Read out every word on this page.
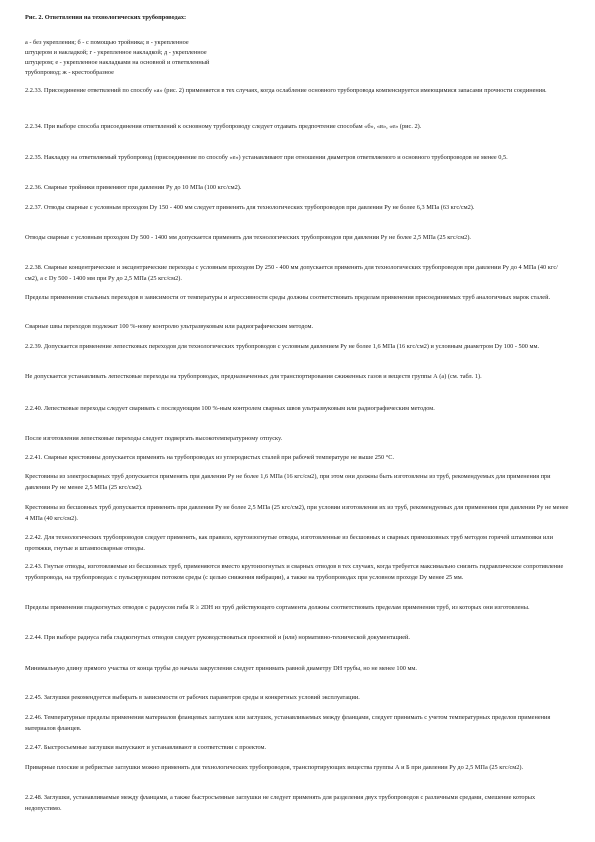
Рис. 2. Ответвления на технологических трубопроводах:

а - без укрепления; б - с помощью тройника; в - укрепленное

штуцером и накладкой; г - укрепленное накладкой; д - укрепленное

штуцером; е - укрепленное накладками на основной и ответвленный

трубопровод; ж - крестообразное

2.2.33. Присоединение ответвлений по способу «а» (рис. 2) применяется в тех случаях, когда ослабление основного трубопровода компенсируется имеющимися запасами прочности соединения.

2.2.34. При выборе способа присоединения ответвлений к основному трубопроводу следует отдавать предпочтение способам «б», «в», «е» (рис. 2).

2.2.35. Накладку на ответвляемый трубопровод (присоединение по способу «е») устанавливают при отношении диаметров ответвляемого и основного трубопроводов не менее 0,5.

2.2.36. Сварные тройники применяют при давлении Py до 10 МПа (100 кгс/см2).

2.2.37. Отводы сварные с условным проходом Dy 150 - 400 мм следует применять для технологических трубопроводов при давлении Py не более 6,3 МПа (63 кгс/см2).

Отводы сварные с условным проходом Dy 500 - 1400 мм допускается применять для технологических трубопроводов при давлении Py не более 2,5 МПа (25 кгс/см2).

2.2.38. Сварные концентрические и эксцентрические переходы с условным проходом Dy 250 - 400 мм допускается применять для технологических трубопроводов при давлении Py до 4 МПа (40 кгс/см2), а с Dy 500 - 1400 мм при Py до 2,5 МПа (25 кгс/см2).

Пределы применения стальных переходов в зависимости от температуры и агрессивности среды должны соответствовать пределам применения присоединяемых труб аналогичных марок сталей.

Сварные швы переходов подлежат 100 %-ному контролю ультразвуковым или радиографическим методом.

2.2.39. Допускается применение лепестковых переходов для технологических трубопроводов с условным давлением Py не более 1,6 МПа (16 кгс/см2) и условным диаметром Dy 100 - 500 мм.

Не допускается устанавливать лепестковые переходы на трубопроводах, предназначенных для транспортирования сжиженных газов и веществ группы А (а) (см. табл. 1).

2.2.40. Лепестковые переходы следует сваривать с последующим 100 %-ным контролем сварных швов ультразвуковым или радиографическим методом.

После изготовления лепестковые переходы следует подвергать высокотемпературному отпуску.

2.2.41. Сварные крестовины допускается применять на трубопроводах из углеродистых сталей при рабочей температуре не выше 250 °С.

Крестовины из электросварных труб допускается применять при давлении Py не более 1,6 МПа (16 кгс/см2), при этом они должны быть изготовлены из труб, рекомендуемых для применения при давлении Py не менее 2,5 МПа (25 кгс/см2).

Крестовины из бесшовных труб допускается применять при давлении Py не более 2,5 МПа (25 кгс/см2), при условии изготовления их из труб, рекомендуемых для применения при давлении Py не менее 4 МПа (40 кгс/см2).

2.2.42. Для технологических трубопроводов следует применять, как правило, крутоизогнутые отводы, изготовленные из бесшовных и сварных прямошовных труб методом горячей штамповки или протяжки, гнутые и штампосварные отводы.

2.2.43. Гнутые отводы, изготовляемые из бесшовных труб, применяются вместо крутоизогнутых и сварных отводов в тех случаях, когда требуется максимально снизить гидравлическое сопротивление трубопровода, на трубопроводах с пульсирующим потоком среды (с целью снижения вибрации), а также на трубопроводах при условном проходе Dy менее 25 мм.

Пределы применения гладкогнутых отводов с радиусом гиба R ≥ 2DН из труб действующего сортамента должны соответствовать пределам применения труб, из которых они изготовлены.

2.2.44. При выборе радиуса гиба гладкогнутых отводов следует руководствоваться проектной и (или) нормативно-технической документацией.

Минимальную длину прямого участка от конца трубы до начала закругления следует принимать равной диаметру DН трубы, но не менее 100 мм.

2.2.45. Заглушки рекомендуется выбирать в зависимости от рабочих параметров среды и конкретных условий эксплуатации.

2.2.46. Температурные пределы применения материалов фланцевых заглушек или заглушек, устанавливаемых между фланцами, следует принимать с учетом температурных пределов применения материалов фланцев.

2.2.47. Быстросъемные заглушки выпускают и устанавливают в соответствии с проектом.

Приварные плоские и ребристые заглушки можно применять для технологических трубопроводов, транспортирующих вещества группы А и Б при давлении Py до 2,5 МПа (25 кгс/см2).

2.2.48. Заглушки, устанавливаемые между фланцами, а также быстросъемные заглушки не следует применять для разделения двух трубопроводов с различными средами, смешение которых недопустимо.
